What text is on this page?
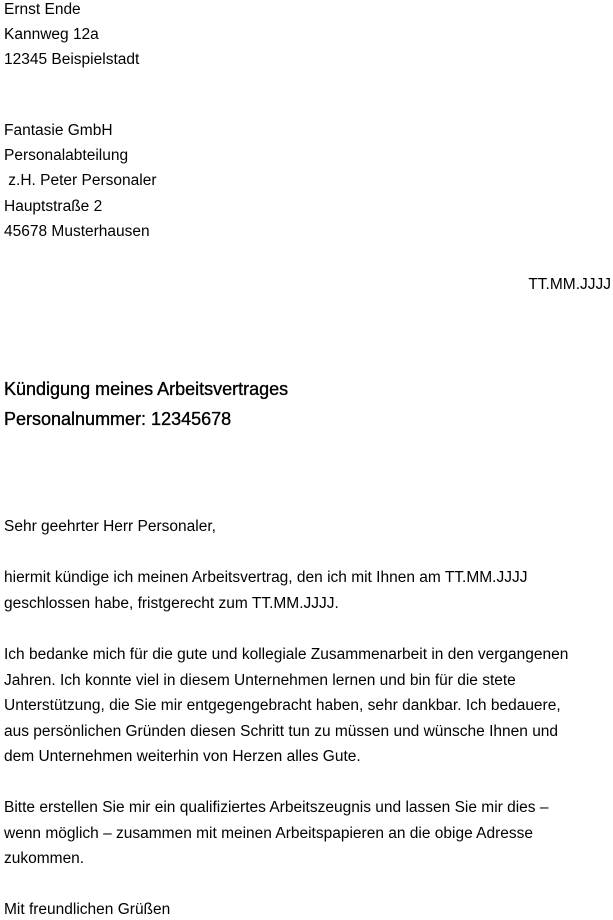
Ernst Ende
Kannweg 12a
12345 Beispielstadt
Fantasie GmbH
Personalabteilung
z.H. Peter Personaler
Hauptstraße 2
45678 Musterhausen
TT.MM.JJJJ
Kündigung meines Arbeitsvertrages
Personalnummer: 12345678
Sehr geehrter Herr Personaler,
hiermit kündige ich meinen Arbeitsvertrag, den ich mit Ihnen am TT.MM.JJJJ
geschlossen habe, fristgerecht zum TT.MM.JJJJ.
Ich bedanke mich für die gute und kollegiale Zusammenarbeit in den vergangenen
Jahren. Ich konnte viel in diesem Unternehmen lernen und bin für die stete
Unterstützung, die Sie mir entgegengebracht haben, sehr dankbar. Ich bedauere,
aus persönlichen Gründen diesen Schritt tun zu müssen und wünsche Ihnen und
dem Unternehmen weiterhin von Herzen alles Gute.
Bitte erstellen Sie mir ein qualifiziertes Arbeitszeugnis und lassen Sie mir dies –
wenn möglich – zusammen mit meinen Arbeitspapieren an die obige Adresse
zukommen.
Mit freundlichen Grüßen
